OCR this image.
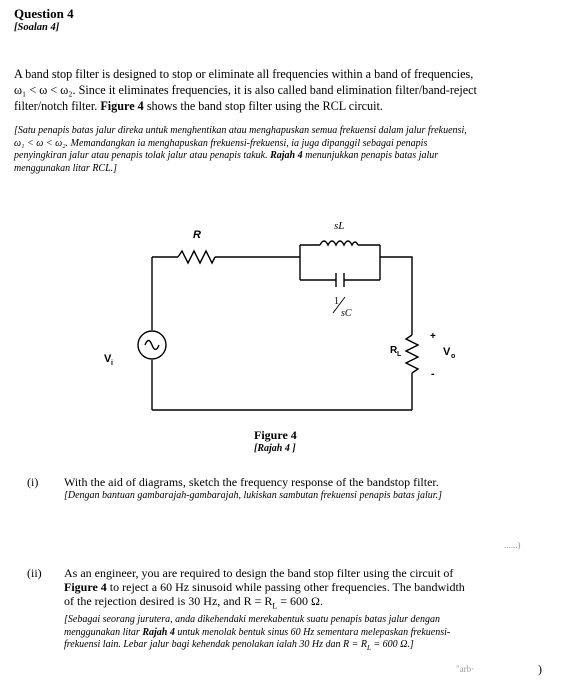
Question 4
[Soalan 4]
A band stop filter is designed to stop or eliminate all frequencies within a band of frequencies,
ω₁ < ω < ω₂. Since it eliminates frequencies, it is also called band elimination filter/band-reject
filter/notch filter. Figure 4 shows the band stop filter using the RCL circuit.
[Satu penapis batas jalur direka untuk menghentikan atau menghapuskan semua frekuensi dalam jalur frekuensi,
ω₁ < ω < ω₂. Memandangkan ia menghapuskan frekuensi-frekuensi, ia juga dipanggil sebagai penapis
penyingkiran jalur atau penapis tolak jalur atau penapis takuk. Rajah 4 menunjukkan penapis batas jalur
menggunakan litar RCL.]
R
sL
1
sC
V i
R L
+
V o
-
Figure 4
[Rajah 4 ]
(i) With the aid of diagrams, sketch the frequency response of the bandstop filter.
[Dengan bantuan gambarajah-gambarajah, lukiskan sambutan frekuensi penapis batas jalur.]
......)
(ii) As an engineer, you are required to design the band stop filter using the circuit of
Figure 4 to reject a 60 Hz sinusoid while passing other frequencies. The bandwidth
of the rejection desired is 30 Hz, and $R = R_L = 600$ Ω.
[Sebagai seorang jurutera, anda dikehendaki merekabentuk suatu penapis batas jalur dengan
menggunakan litar Rajah 4 untuk menolak bentuk sinus 60 Hz sementara melepaskan frekuensi-
frekuensi lain. Lebar jalur bagi kehendak penolakan ialah 30 Hz dan $R = R_L = 600$ Ω.]
"arb·	)
